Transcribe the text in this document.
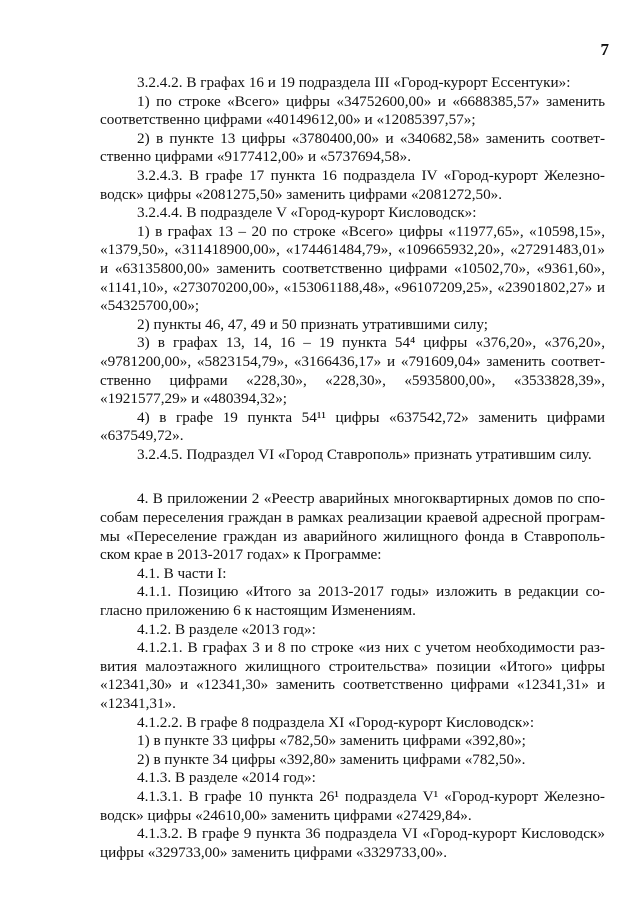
7
3.2.4.2. В графах 16 и 19 подраздела III «Город-курорт Ессентуки»:
1) по строке «Всего» цифры «34752600,00» и «6688385,57» заменить
соответственно цифрами «40149612,00» и «12085397,57»;
2) в пункте 13 цифры «3780400,00» и «340682,58» заменить соответ-
ственно цифрами «9177412,00» и «5737694,58».
3.2.4.3. В графе 17 пункта 16 подраздела IV «Город-курорт Железно-
водск» цифры «2081275,50» заменить цифрами «2081272,50».
3.2.4.4. В подразделе V «Город-курорт Кисловодск»:
1) в графах 13 – 20 по строке «Всего» цифры «11977,65», «10598,15»,
«1379,50», «311418900,00», «174461484,79», «109665932,20», «27291483,01»
и «63135800,00» заменить соответственно цифрами «10502,70», «9361,60»,
«1141,10», «273070200,00», «153061188,48», «96107209,25», «23901802,27» и
«54325700,00»;
2) пункты 46, 47, 49 и 50 признать утратившими силу;
3) в графах 13, 14, 16 – 19 пункта 54⁴ цифры «376,20», «376,20»,
«9781200,00», «5823154,79», «3166436,17» и «791609,04» заменить соответ-
ственно цифрами «228,30», «228,30», «5935800,00», «3533828,39»,
«1921577,29» и «480394,32»;
4) в графе 19 пункта 54¹¹ цифры «637542,72» заменить цифрами
«637549,72».
3.2.4.5. Подраздел VI «Город Ставрополь» признать утратившим силу.
4. В приложении 2 «Реестр аварийных многоквартирных домов по спо-
собам переселения граждан в рамках реализации краевой адресной програм-
мы «Переселение граждан из аварийного жилищного фонда в Ставрополь-
ском крае в 2013-2017 годах» к Программе:
4.1. В части I:
4.1.1. Позицию «Итого за 2013-2017 годы» изложить в редакции со-
гласно приложению 6 к настоящим Изменениям.
4.1.2. В разделе «2013 год»:
4.1.2.1. В графах 3 и 8 по строке «из них с учетом необходимости раз-
вития малоэтажного жилищного строительства» позиции «Итого» цифры
«12341,30» и «12341,30» заменить соответственно цифрами «12341,31» и
«12341,31».
4.1.2.2. В графе 8 подраздела XI «Город-курорт Кисловодск»:
1) в пункте 33 цифры «782,50» заменить цифрами «392,80»;
2) в пункте 34 цифры «392,80» заменить цифрами «782,50».
4.1.3. В разделе «2014 год»:
4.1.3.1. В графе 10 пункта 26¹ подраздела V¹ «Город-курорт Железно-
водск» цифры «24610,00» заменить цифрами «27429,84».
4.1.3.2. В графе 9 пункта 36 подраздела VI «Город-курорт Кисловодск»
цифры «329733,00» заменить цифрами «3329733,00».
